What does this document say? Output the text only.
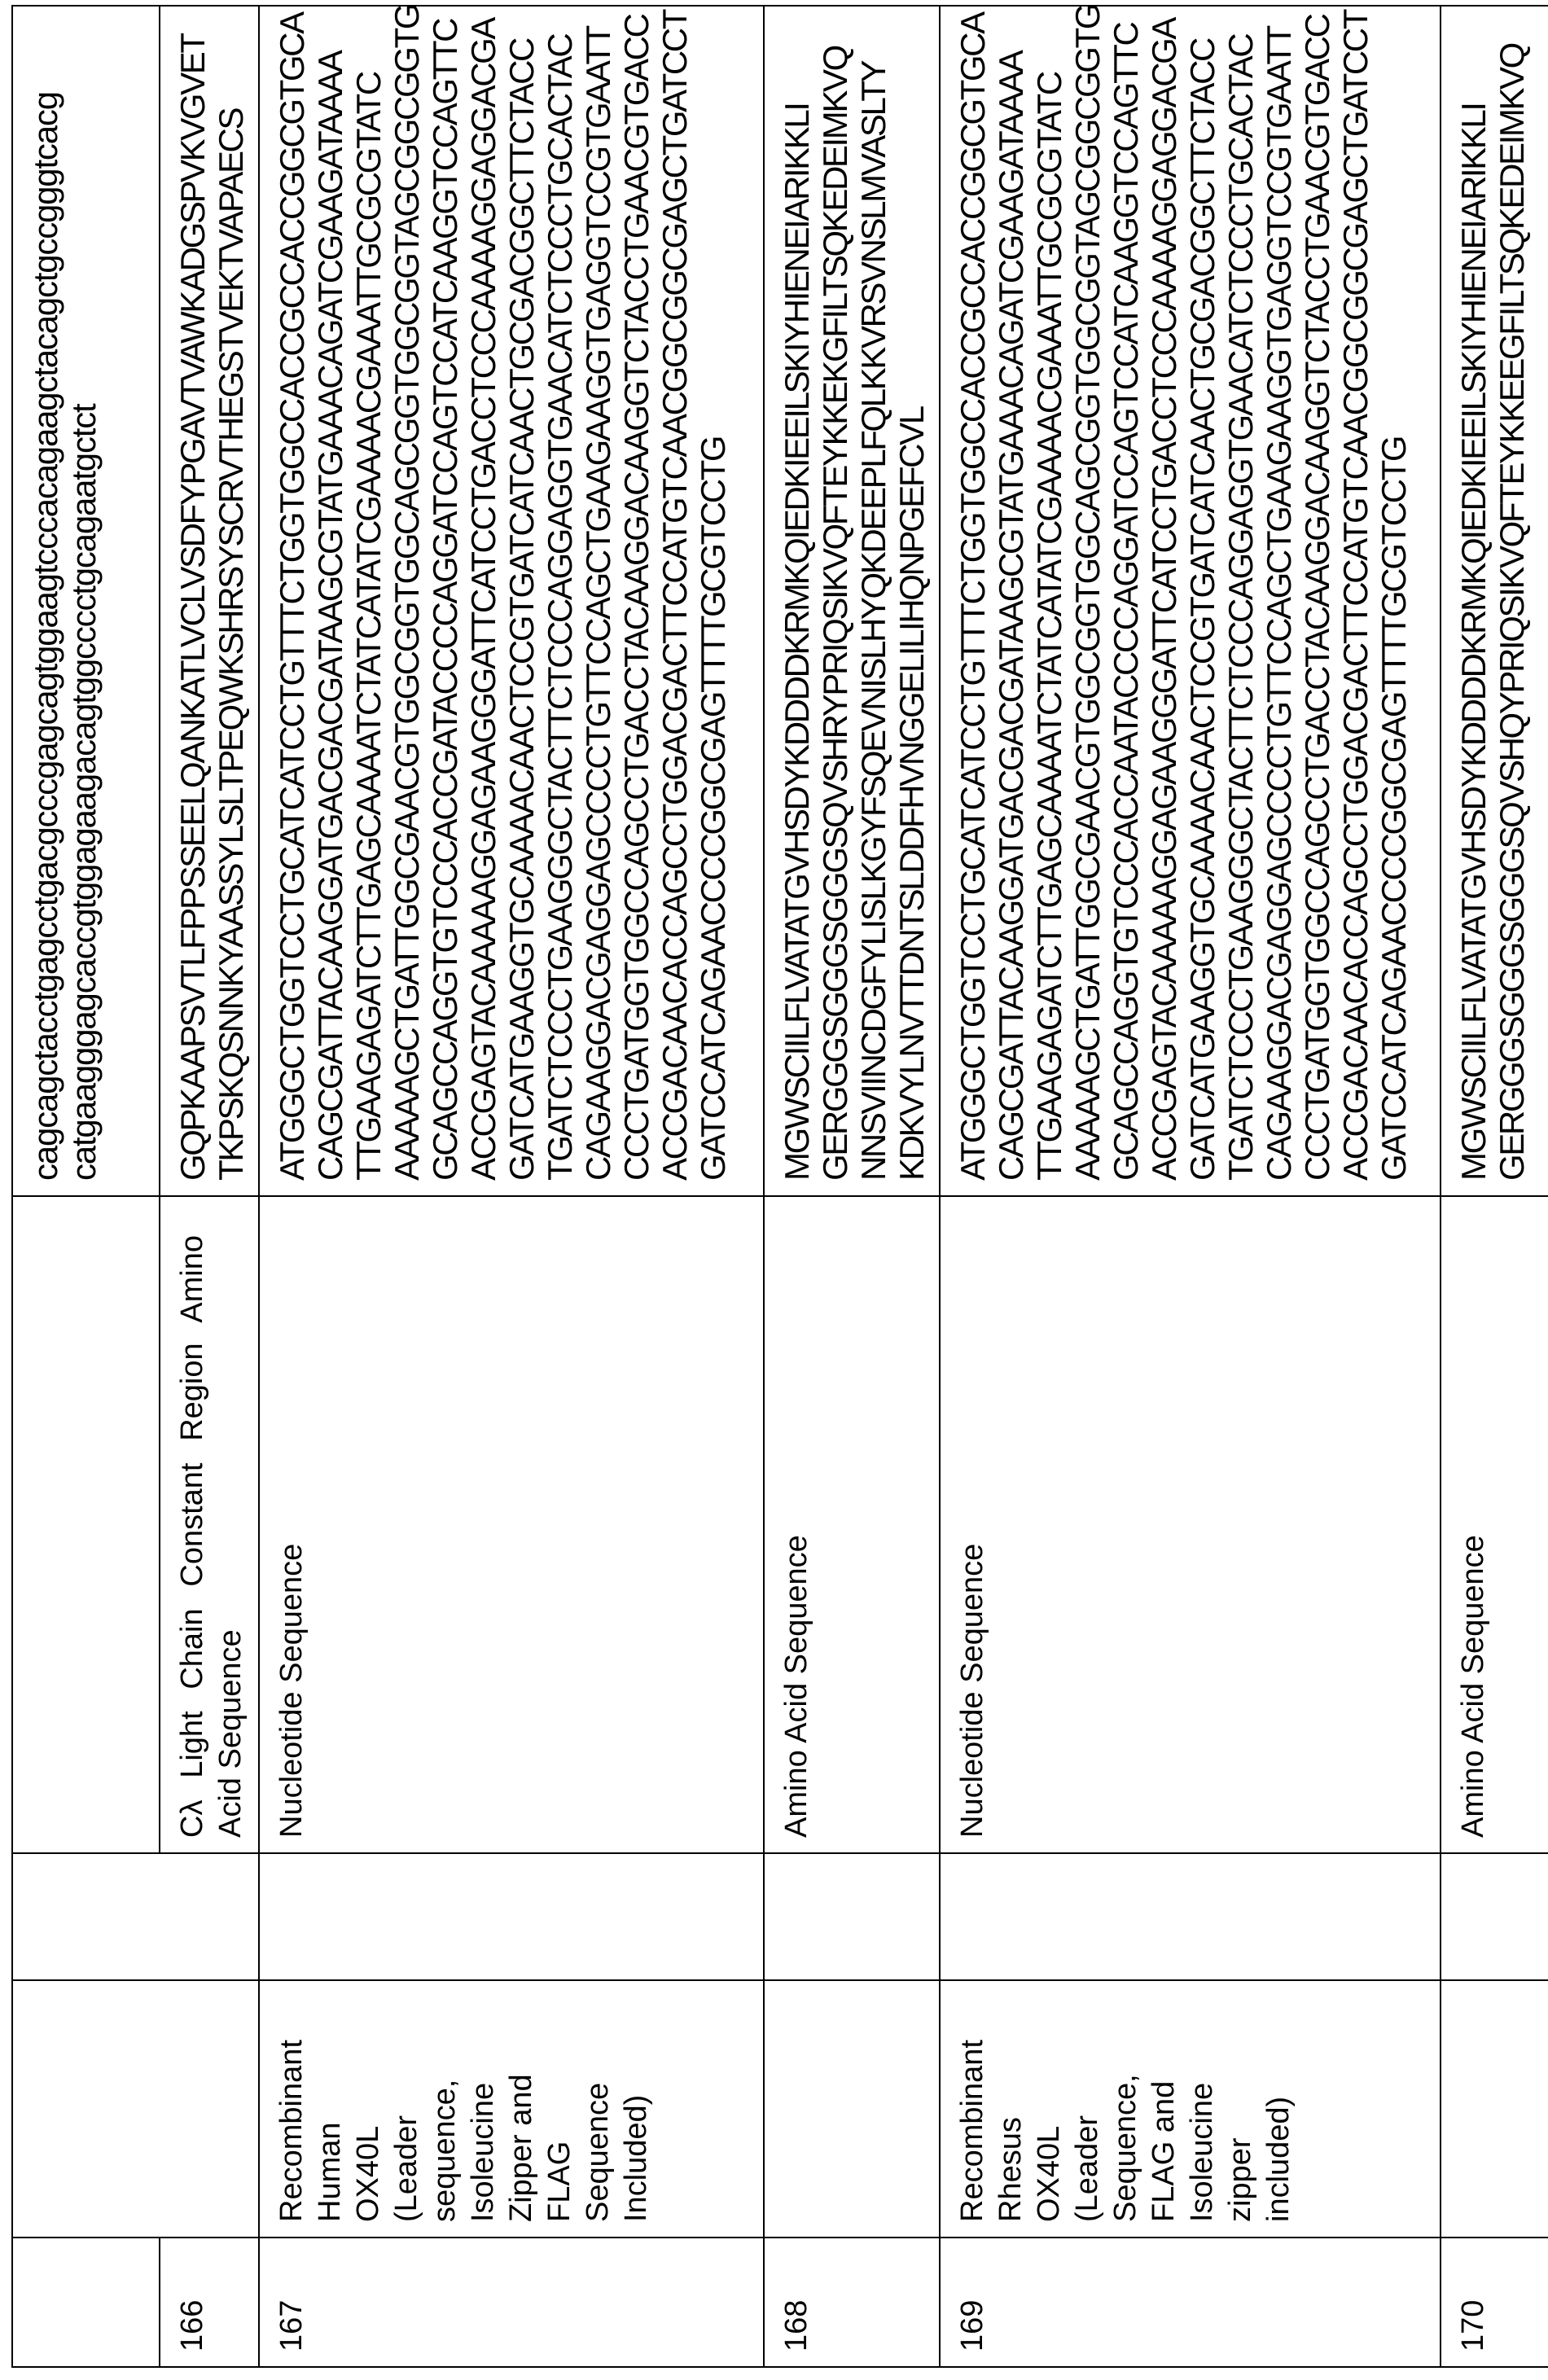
cagcagctacctgagcctgacgcccgagcagtggaagtcccacagaagctacagctgccgggtcacg catgaagggagcaccgtggagaagacagtggcccctgcagaatgctct

166			
Cλ Light Chain Constant Region Amino Acid Sequence

GQPKAAPSVTLFPPSSEELQANKATLVCLVSDFYPGAVTVAWKADGSPVKVGVET TKPSKQSNNKYAASSYLSLTPEQWKSHRSYSCRVTHEGSTVEKTVAPAECS

167	
Recombinant Human OX40L (Leader sequence, Isoleucine Zipper and FLAG Sequence Included)

Nucleotide Sequence

ATGGGCTGGTCCTGCATCATCCTGTTTCTGGTGGCCACCGCCACCGGCGTGCA CAGCGATTACAAGGATGACGACGATAAGCGTATGAAACAGATCGAAGATAAAA TTGAAGAGATCTTGAGCAAAATCTATCATATCGAAAACGAAATTGCGCGTATC AAAAAGCTGATTGGCGAACGTGGCGGTGGCAGCGGTGGCGGTAGCGGCGGTG GCAGCCAGGTGTCCCACCGATACCCCAGGATCCAGTCCATCAAGGTCCAGTTC ACCGAGTACAAAAAGGAGAAGGGATTCATCCTGACCTCCCAAAAGGAGGACGA GATCATGAAGGTGCAAAACAACTCCGTGATCATCAACTGCGACGGCTTCTACC TGATCTCCCTGAAGGGCTACTTCTCCCAGGAGGTGAACATCTCCCTGCACTAC CAGAAGGACGAGGAGCCCCTGTTCCAGCTGAAGAAGGTGAGGTCCGTGAATT CCCTGATGGTGGCCAGCCTGACCTACAAGGACAAGGTCTACCTGAACGTGACC ACCGACAACACCAGCCTGGACGACTTCCATGTCAACGGCGGCGAGCTGATCCT GATCCATCAGAACCCCGGCGAGTTTTGCGTCCTG

168			
Amino Acid Sequence

MGWSCIILFLVATATGVHSDYKDDDDKRMKQIEDKIEEILSKIYHIENEIARIKKLI GERGGGSGGGSGGGSQVSHRYPRIQSIKVQFTEYKKEKGFILTSQKEDEIMKVQ NNSVIINCDGFYLISLKGYFSQEVNISLHYQKDEEPLFQLKKVRSVNSLMVASLTY KDKVYLNVTTDNTSLDDFHVNGGELILIHQNPGEFCVL

169	
Recombinant Rhesus OX40L (Leader Sequence, FLAG and Isoleucine zipper included)

Nucleotide Sequence

ATGGGCTGGTCCTGCATCATCCTGTTTCTGGTGGCCACCGCCACCGGCGTGCA CAGCGATTACAAGGATGACGACGATAAGCGTATGAAACAGATCGAAGATAAAA TTGAAGAGATCTTGAGCAAAATCTATCATATCGAAAACGAAATTGCGCGTATC AAAAAGCTGATTGGCGAACGTGGCGGTGGCAGCGGTGGCGGTAGCGGCGGTG GCAGCCAGGTGTCCCACCAATACCCCAGGATCCAGTCCATCAAGGTCCAGTTC ACCGAGTACAAAAAGGAGAAGGGATTCATCCTGACCTCCCAAAAGGAGGACGA GATCATGAAGGTGCAAAACAACTCCGTGATCATCAACTGCGACGGCTTCTACC TGATCTCCCTGAAGGGCTACTTCTCCCAGGAGGTGAACATCTCCCTGCACTAC CAGAAGGACGAGGAGCCCCTGTTCCAGCTGAAGAAGGTGAGGTCCGTGAATT CCCTGATGGTGGCCAGCCTGACCTACAAGGACAAGGTCTACCTGAACGTGACC ACCGACAACACCAGCCTGGACGACTTCCATGTCAACGGCGGCGAGCTGATCCT GATCCATCAGAACCCCGGCGAGTTTTGCGTCCTG

170			
Amino Acid Sequence

MGWSCIILFLVATATGVHSDYKDDDDKRMKQIEDKIEEILSKIYHIENEIARIKKLI GERGGGSGGGSGGGSQVSHQYPRIQSIKVQFTEYKKEEGFILTSQKEDEIMKVQ
